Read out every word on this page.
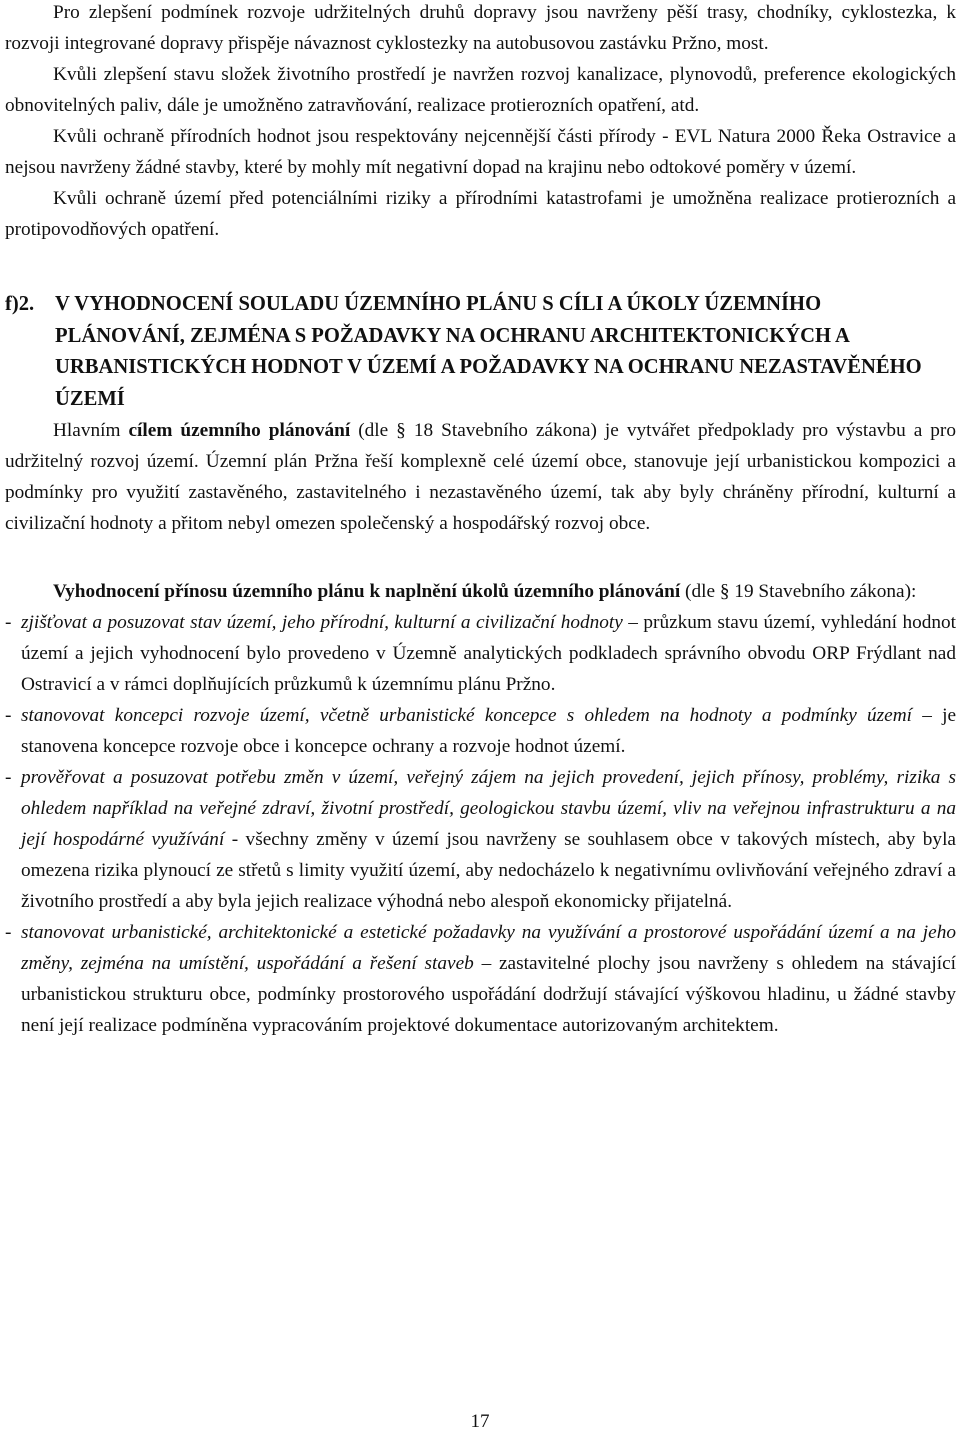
Pro zlepšení podmínek rozvoje udržitelných druhů dopravy jsou navrženy pěší trasy, chodníky, cyklostezka, k rozvoji integrované dopravy přispěje návaznost cyklostezky na autobusovou zastávku Pržno, most.

Kvůli zlepšení stavu složek životního prostředí je navržen rozvoj kanalizace, plynovodů, preference ekologických obnovitelných paliv, dále je umožněno zatravňování, realizace protierozních opatření, atd.

Kvůli ochraně přírodních hodnot jsou respektovány nejcennější části přírody - EVL Natura 2000 Řeka Ostravice a nejsou navrženy žádné stavby, které by mohly mít negativní dopad na krajinu nebo odtokové poměry v území.

Kvůli ochraně území před potenciálními riziky a přírodními katastrofami je umožněna realizace protierozních a protipovodňových opatření.

f)2.	V VYHODNOCENÍ SOULADU ÚZEMNÍHO PLÁNU S CÍLI A ÚKOLY ÚZEMNÍHO PLÁNOVÁNÍ, ZEJMÉNA S POŽADAVKY NA OCHRANU ARCHITEKTONICKÝCH A URBANISTICKÝCH HODNOT V ÚZEMÍ A POŽADAVKY NA OCHRANU NEZASTAVĚNÉHO ÚZEMÍ

Hlavním cílem územního plánování (dle § 18 Stavebního zákona) je vytvářet předpoklady pro výstavbu a pro udržitelný rozvoj území. Územní plán Pržna řeší komplexně celé území obce, stanovuje její urbanistickou kompozici a podmínky pro využití zastavěného, zastavitelného i nezastavěného území, tak aby byly chráněny přírodní, kulturní a civilizační hodnoty a přitom nebyl omezen společenský a hospodářský rozvoj obce.

Vyhodnocení přínosu územního plánu k naplnění úkolů územního plánování (dle § 19 Stavebního zákona):

- zjišťovat a posuzovat stav území, jeho přírodní, kulturní a civilizační hodnoty – průzkum stavu území, vyhledání hodnot území a jejich vyhodnocení bylo provedeno v Územně analytických podkladech správního obvodu ORP Frýdlant nad Ostravicí a v rámci doplňujících průzkumů k územnímu plánu Pržno.
- stanovovat koncepci rozvoje území, včetně urbanistické koncepce s ohledem na hodnoty a podmínky území – je stanovena koncepce rozvoje obce i koncepce ochrany a rozvoje hodnot území.
- prověřovat a posuzovat potřebu změn v území, veřejný zájem na jejich provedení, jejich přínosy, problémy, rizika s ohledem například na veřejné zdraví, životní prostředí, geologickou stavbu území, vliv na veřejnou infrastrukturu a na její hospodárné využívání - všechny změny v území jsou navrženy se souhlasem obce v takových místech, aby byla omezena rizika plynoucí ze střetů s limity využití území, aby nedocházelo k negativnímu ovlivňování veřejného zdraví a životního prostředí a aby byla jejich realizace výhodná nebo alespoň ekonomicky přijatelná.
- stanovovat urbanistické, architektonické a estetické požadavky na využívání a prostorové uspořádání území a na jeho změny, zejména na umístění, uspořádání a řešení staveb – zastavitelné plochy jsou navrženy s ohledem na stávající urbanistickou strukturu obce, podmínky prostorového uspořádání dodržují stávající výškovou hladinu, u žádné stavby není její realizace podmíněna vypracováním projektové dokumentace autorizovaným architektem.
17
